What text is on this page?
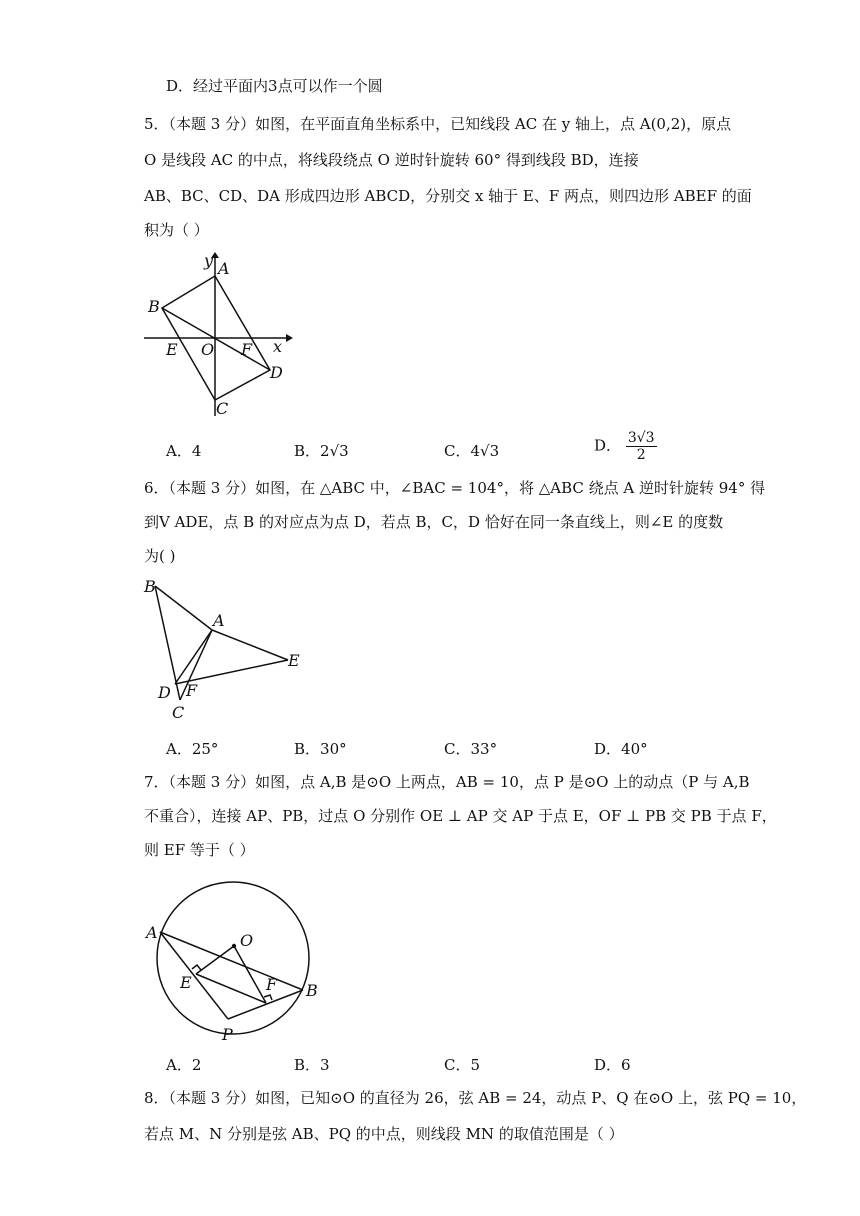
D．经过平面内3点可以作一个圆
5．（本题 3 分）如图，在平面直角坐标系中，已知线段 AC 在 y 轴上，点 A(0,2)，原点
O 是线段 AC 的中点，将线段绕点 O 逆时针旋转 60° 得到线段 BD，连接
AB、BC、CD、DA 形成四边形 ABCD，分别交 x 轴于 E、F 两点，则四边形 ABEF 的面
积为（ ）
y A
B
E O F x
D
C
A．4	B．2√3	C．4√3	D． $\frac{3√3}{2}$
6．（本题 3 分）如图，在 △ABC 中，∠BAC = 104°，将 △ABC 绕点 A 逆时针旋转 94° 得
到V ADE，点 B 的对应点为点 D，若点 B，C，D 恰好在同一条直线上，则∠E 的度数
为( )
B
A
E
D F
C
A．25°	B．30°	C．33°	D．40°
7．（本题 3 分）如图，点 A,B 是⊙O 上两点，AB = 10，点 P 是⊙O 上的动点（P 与 A,B
不重合），连接 AP、PB，过点 O 分别作 OE ⊥ AP 交 AP 于点 E，OF ⊥ PB 交 PB 于点 F，
则 EF 等于（ ）
O
A
E	F B
P
A．2	B．3	C．5	D．6
8．（本题 3 分）如图，已知⊙O 的直径为 26，弦 AB = 24，动点 P、Q 在⊙O 上，弦 PQ = 10，
若点 M、N 分别是弦 AB、PQ 的中点，则线段 MN 的取值范围是（ ）
